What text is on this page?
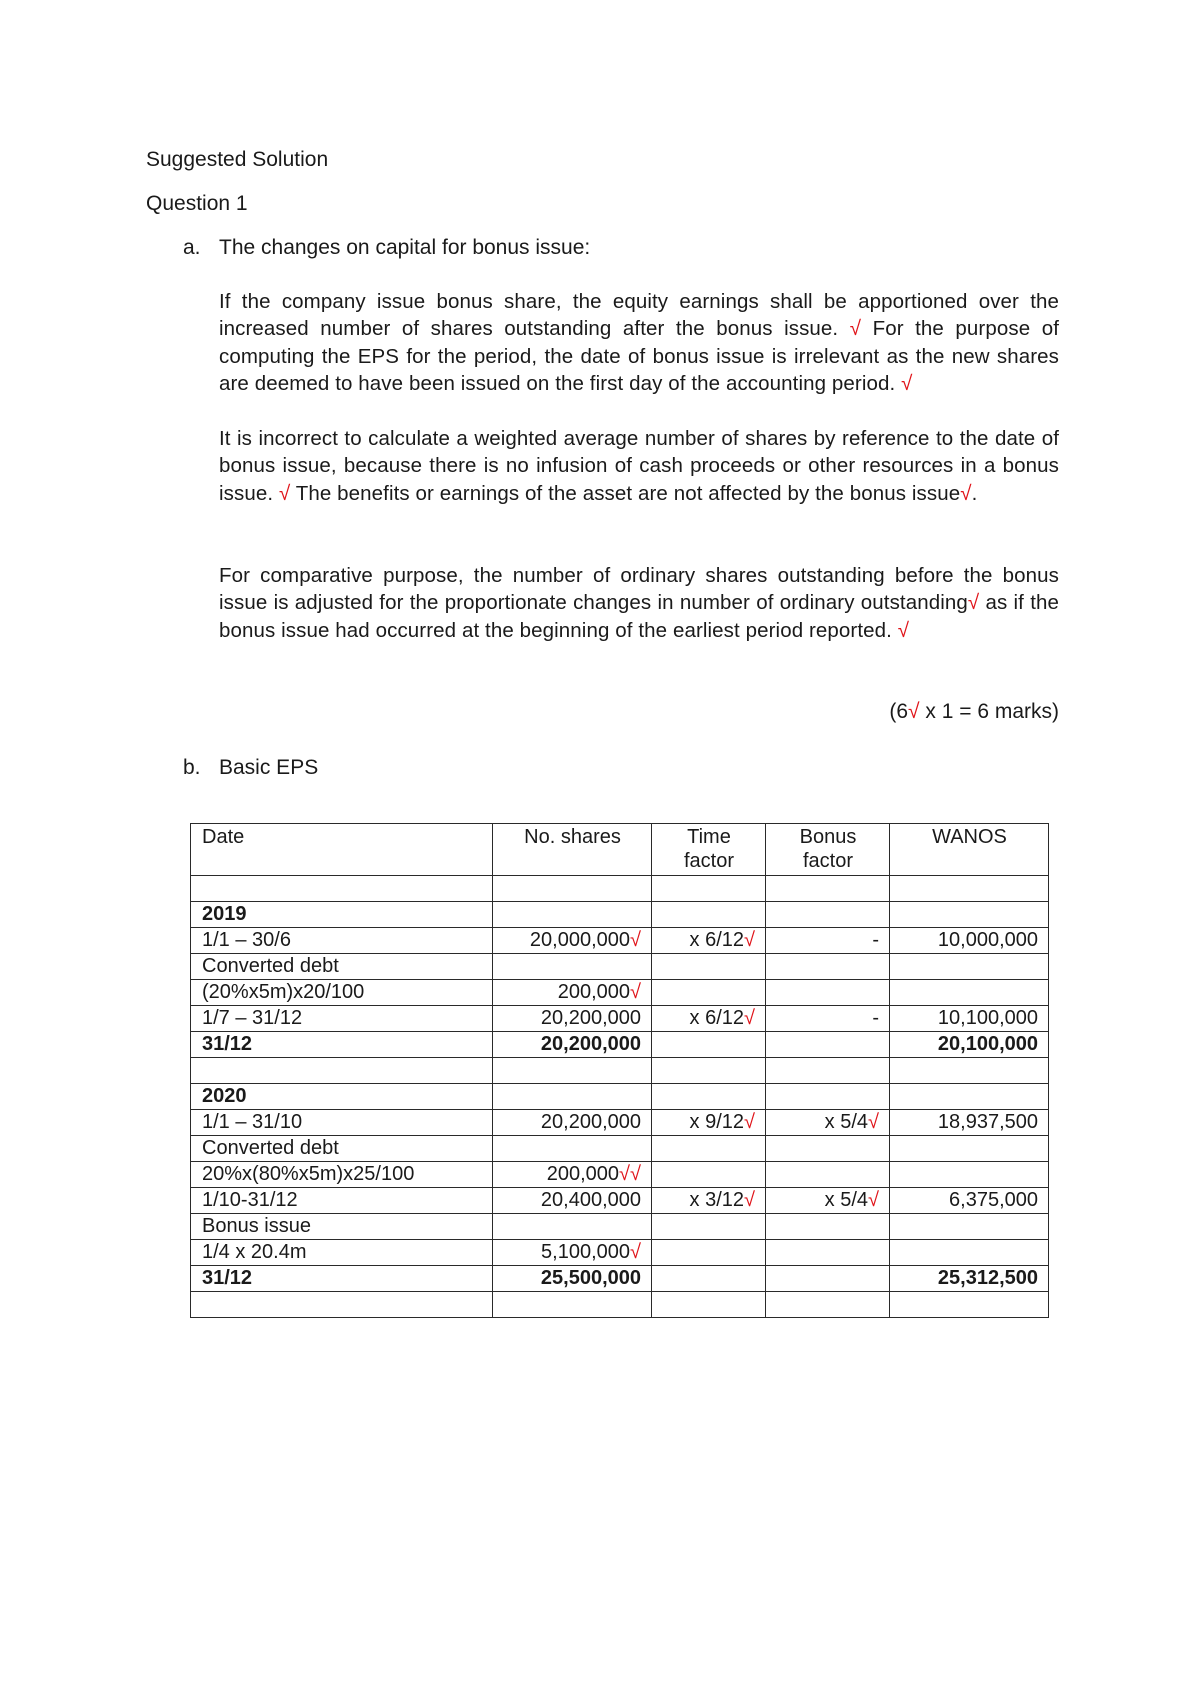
Suggested Solution
Question 1
a. The changes on capital for bonus issue:
If the company issue bonus share, the equity earnings shall be apportioned over the increased number of shares outstanding after the bonus issue. √ For the purpose of computing the EPS for the period, the date of bonus issue is irrelevant as the new shares are deemed to have been issued on the first day of the accounting period. √
It is incorrect to calculate a weighted average number of shares by reference to the date of bonus issue, because there is no infusion of cash proceeds or other resources in a bonus issue. √ The benefits or earnings of the asset are not affected by the bonus issue√.
For comparative purpose, the number of ordinary shares outstanding before the bonus issue is adjusted for the proportionate changes in number of ordinary outstanding√ as if the bonus issue had occurred at the beginning of the earliest period reported. √
(6√ x 1 = 6 marks)
b. Basic EPS
Date	No. shares	Time factor	Bonus factor	WANOS

2019				
1/1 – 30/6	20,000,000√	x 6/12√	-	10,000,000
Converted debt				
(20%x5m)x20/100	200,000√			
1/7 – 31/12	20,200,000	x 6/12√	-	10,100,000
31/12	20,200,000			20,100,000

2020				
1/1 – 31/10	20,200,000	x 9/12√	x 5/4√	18,937,500
Converted debt				
20%x(80%x5m)x25/100	200,000√√			
1/10-31/12	20,400,000	x 3/12√	x 5/4√	6,375,000
Bonus issue				
1/4 x 20.4m	5,100,000√			
31/12	25,500,000			25,312,500
